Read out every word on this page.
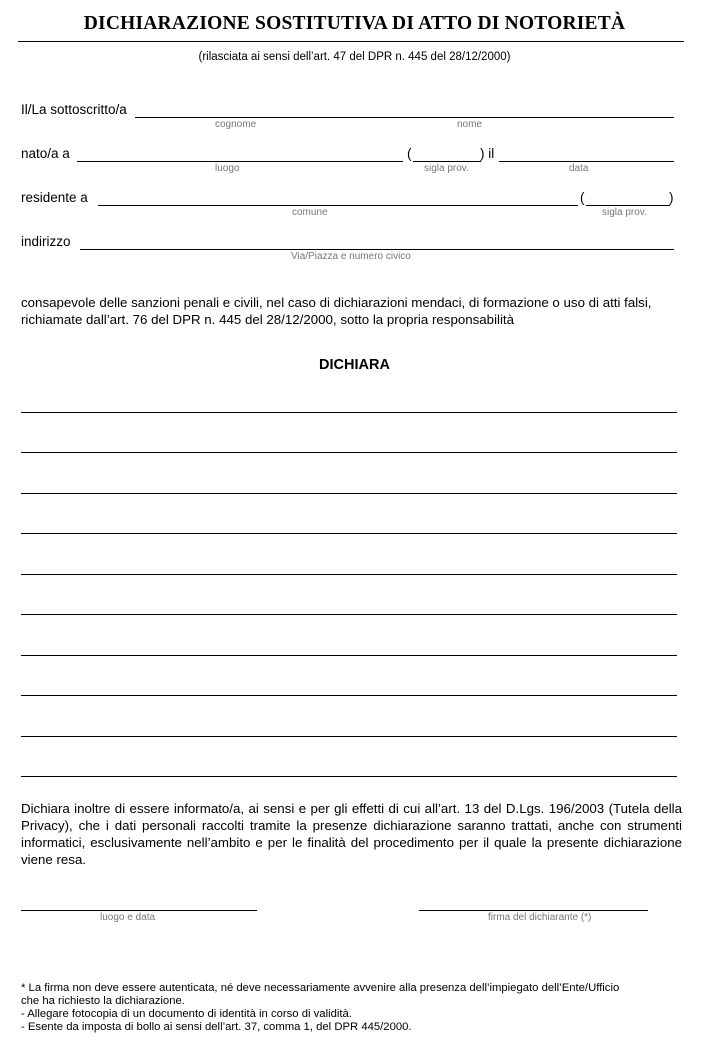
DICHIARAZIONE SOSTITUTIVA DI ATTO DI NOTORIETÀ
(rilasciata ai sensi dell’art. 47 del DPR n. 445 del 28/12/2000)
Il/La sottoscritto/a
cognome	nome
nato/a a
luogo
(	) il
sigla prov.	data
residente a
comune
(	)
sigla prov.
indirizzo
Via/Piazza e numero civico
consapevole delle sanzioni penali e civili, nel caso di dichiarazioni mendaci, di formazione o uso di atti falsi,
richiamate dall’art. 76 del DPR n. 445 del 28/12/2000, sotto la propria responsabilità
DICHIARA
Dichiara inoltre di essere informato/a, ai sensi e per gli effetti di cui all’art. 13 del D.Lgs. 196/2003 (Tutela della Privacy), che i dati personali raccolti tramite la presenze dichiarazione saranno trattati, anche con strumenti informatici, esclusivamente nell’ambito e per le finalità del procedimento per il quale la presente dichiarazione viene resa.
luogo e data	firma del dichiarante (*)
* La firma non deve essere autenticata, né deve necessariamente avvenire alla presenza dell’impiegato dell’Ente/Ufficio
che ha richiesto la dichiarazione.
- Allegare fotocopia di un documento di identità in corso di validità.
- Esente da imposta di bollo ai sensi dell’art. 37, comma 1, del DPR 445/2000.
